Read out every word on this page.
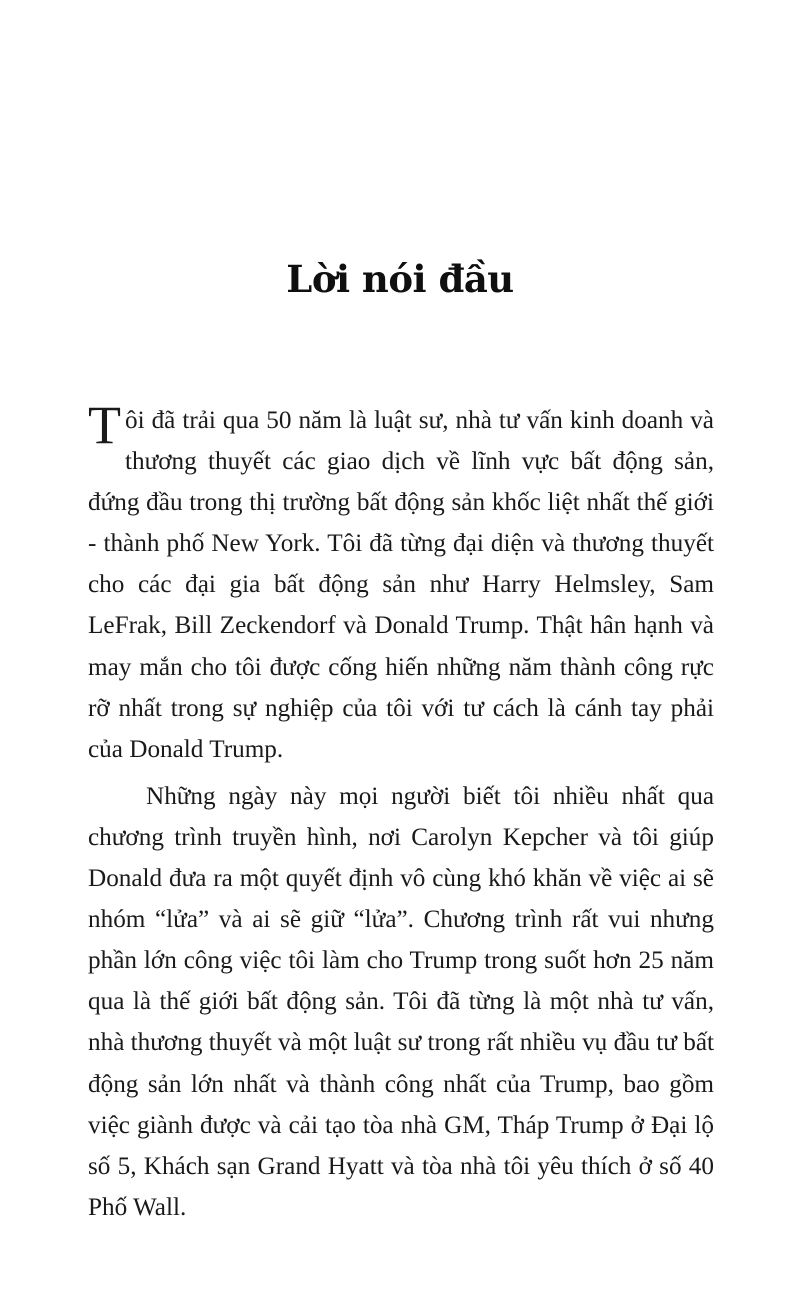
Lời nói đầu

Tôi đã trải qua 50 năm là luật sư, nhà tư vấn kinh doanh và thương thuyết các giao dịch về lĩnh vực bất động sản, đứng đầu trong thị trường bất động sản khốc liệt nhất thế giới - thành phố New York. Tôi đã từng đại diện và thương thuyết cho các đại gia bất động sản như Harry Helmsley, Sam LeFrak, Bill Zeckendorf và Donald Trump. Thật hân hạnh và may mắn cho tôi được cống hiến những năm thành công rực rỡ nhất trong sự nghiệp của tôi với tư cách là cánh tay phải của Donald Trump.

Những ngày này mọi người biết tôi nhiều nhất qua chương trình truyền hình, nơi Carolyn Kepcher và tôi giúp Donald đưa ra một quyết định vô cùng khó khăn về việc ai sẽ nhóm “lửa” và ai sẽ giữ “lửa”. Chương trình rất vui nhưng phần lớn công việc tôi làm cho Trump trong suốt hơn 25 năm qua là thế giới bất động sản. Tôi đã từng là một nhà tư vấn, nhà thương thuyết và một luật sư trong rất nhiều vụ đầu tư bất động sản lớn nhất và thành công nhất của Trump, bao gồm việc giành được và cải tạo tòa nhà GM, Tháp Trump ở Đại lộ số 5, Khách sạn Grand Hyatt và tòa nhà tôi yêu thích ở số 40 Phố Wall.
